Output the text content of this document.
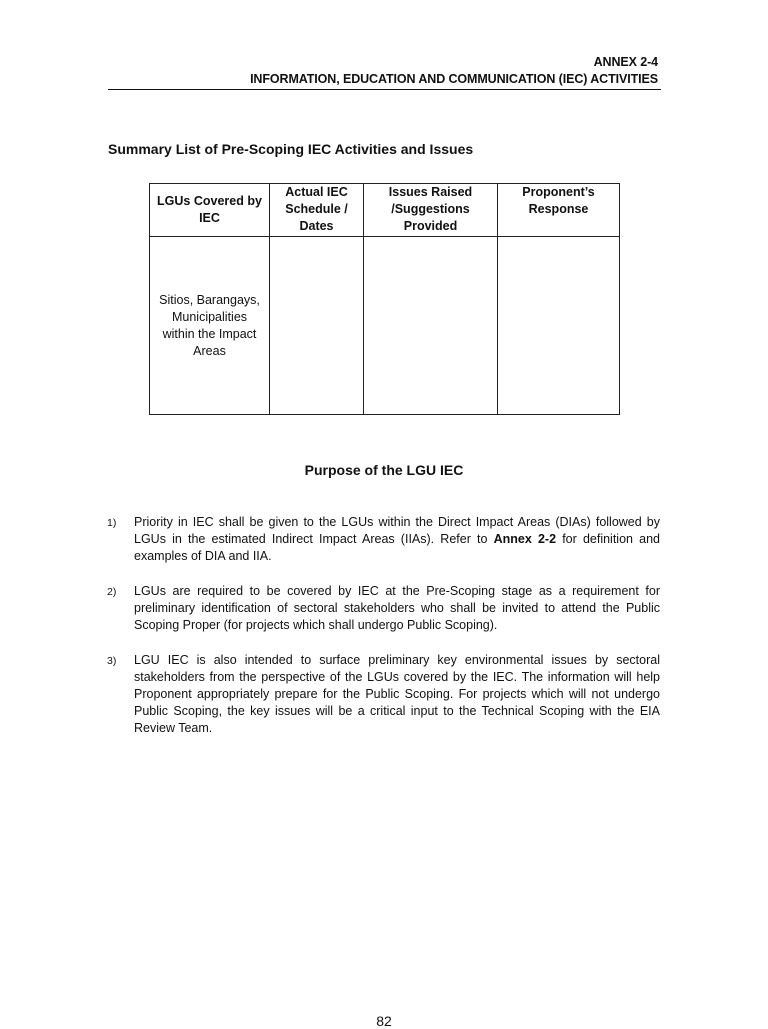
ANNEX 2-4
INFORMATION, EDUCATION AND COMMUNICATION (IEC) ACTIVITIES
Summary List of Pre-Scoping IEC Activities and Issues
LGUs Covered by IEC	Actual IEC Schedule / Dates	Issues Raised /Suggestions Provided	Proponent’s Response
Sitios, Barangays, Municipalities within the Impact Areas			
Purpose of the LGU IEC
1) Priority in IEC shall be given to the LGUs within the Direct Impact Areas (DIAs) followed by LGUs in the estimated Indirect Impact Areas (IIAs). Refer to Annex 2-2 for definition and examples of DIA and IIA.
2) LGUs are required to be covered by IEC at the Pre-Scoping stage as a requirement for preliminary identification of sectoral stakeholders who shall be invited to attend the Public Scoping Proper (for projects which shall undergo Public Scoping).
3) LGU IEC is also intended to surface preliminary key environmental issues by sectoral stakeholders from the perspective of the LGUs covered by the IEC. The information will help Proponent appropriately prepare for the Public Scoping. For projects which will not undergo Public Scoping, the key issues will be a critical input to the Technical Scoping with the EIA Review Team.
82
